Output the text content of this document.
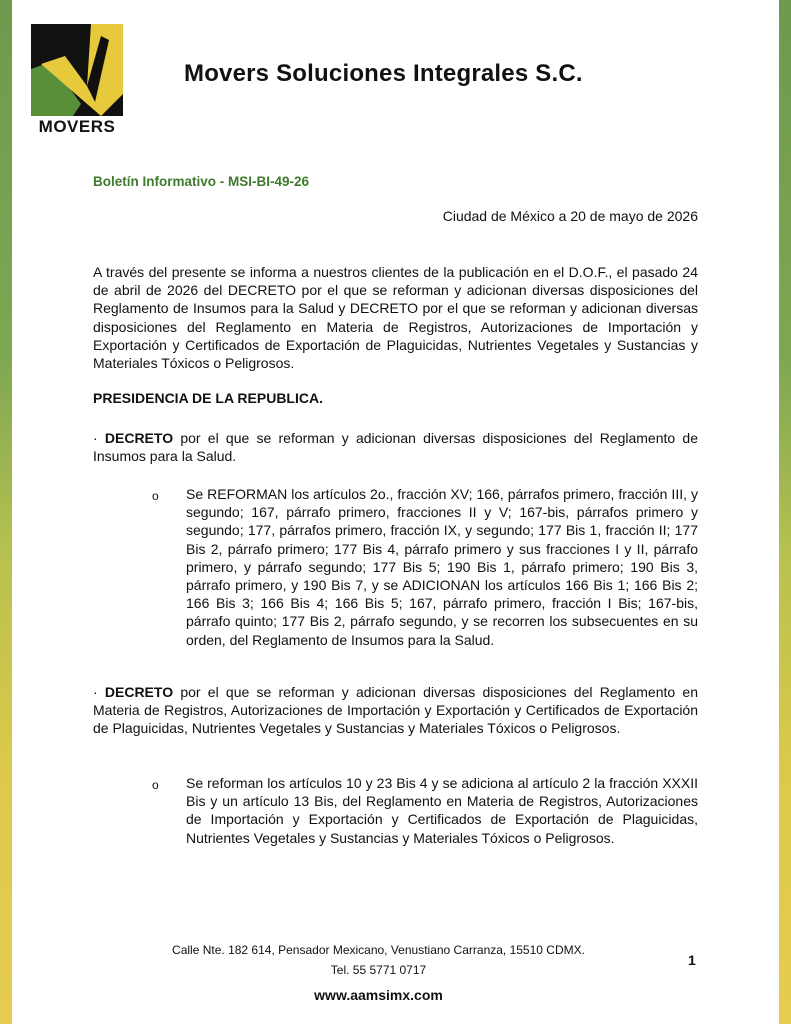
MOVERS
Movers Soluciones Integrales S.C.
Boletín Informativo - MSI-BI-49-26
Ciudad de México a 20 de mayo de 2026
A través del presente se informa a nuestros clientes de la publicación en el D.O.F., el pasado 24 de abril de 2026 del DECRETO por el que se reforman y adicionan diversas disposiciones del Reglamento de Insumos para la Salud y DECRETO por el que se reforman y adicionan diversas disposiciones del Reglamento en Materia de Registros, Autorizaciones de Importación y Exportación y Certificados de Exportación de Plaguicidas, Nutrientes Vegetales y Sustancias y Materiales Tóxicos o Peligrosos.
PRESIDENCIA DE LA REPUBLICA.
· DECRETO por el que se reforman y adicionan diversas disposiciones del Reglamento de Insumos para la Salud.
o Se REFORMAN los artículos 2o., fracción XV; 166, párrafos primero, fracción III, y segundo; 167, párrafo primero, fracciones II y V; 167-bis, párrafos primero y segundo; 177, párrafos primero, fracción IX, y segundo; 177 Bis 1, fracción II; 177 Bis 2, párrafo primero; 177 Bis 4, párrafo primero y sus fracciones I y II, párrafo primero, y párrafo segundo; 177 Bis 5; 190 Bis 1, párrafo primero; 190 Bis 3, párrafo primero, y 190 Bis 7, y se ADICIONAN los artículos 166 Bis 1; 166 Bis 2; 166 Bis 3; 166 Bis 4; 166 Bis 5; 167, párrafo primero, fracción I Bis; 167-bis, párrafo quinto; 177 Bis 2, párrafo segundo, y se recorren los subsecuentes en su orden, del Reglamento de Insumos para la Salud.
· DECRETO por el que se reforman y adicionan diversas disposiciones del Reglamento en Materia de Registros, Autorizaciones de Importación y Exportación y Certificados de Exportación de Plaguicidas, Nutrientes Vegetales y Sustancias y Materiales Tóxicos o Peligrosos.
o Se reforman los artículos 10 y 23 Bis 4 y se adiciona al artículo 2 la fracción XXXII Bis y un artículo 13 Bis, del Reglamento en Materia de Registros, Autorizaciones de Importación y Exportación y Certificados de Exportación de Plaguicidas, Nutrientes Vegetales y Sustancias y Materiales Tóxicos o Peligrosos.
Calle Nte. 182 614, Pensador Mexicano, Venustiano Carranza, 15510 CDMX.
Tel. 55 5771 0717
www.aamsimx.com
1
